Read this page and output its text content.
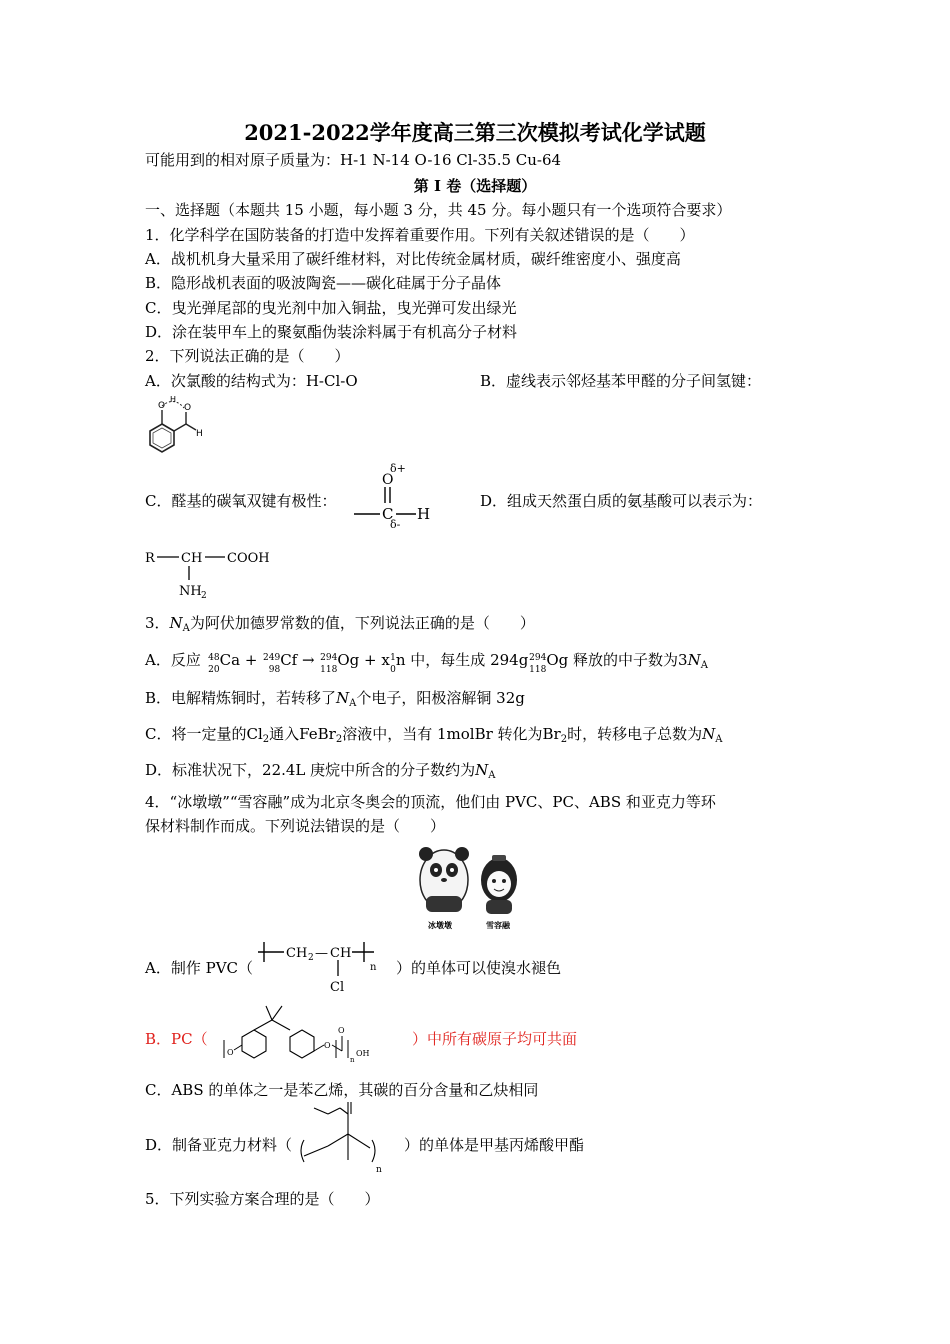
2021-2022学年度高三第三次模拟考试化学试题
可能用到的相对原子质量为：H-1 N-14 O-16 Cl-35.5 Cu-64
第 I 卷（选择题）
一、选择题（本题共 15 小题，每小题 3 分，共 45 分。每小题只有一个选项符合要求）
1．化学科学在国防装备的打造中发挥着重要作用。下列有关叙述错误的是（　　）
A．战机机身大量采用了碳纤维材料，对比传统金属材质，碳纤维密度小、强度高
B．隐形战机表面的吸波陶瓷——碳化硅属于分子晶体
C．曳光弹尾部的曳光剂中加入铜盐，曳光弹可发出绿光
D．涂在装甲车上的聚氨酯伪装涂料属于有机高分子材料
2．下列说法正确的是（　　）
A．次氯酸的结构式为：H-Cl-O	B．虚线表示邻烃基苯甲醛的分子间氢键：
O
H
O
H
C．醛基的碳氧双键有极性：
δ+
O
C H
δ-
D．组成天然蛋白质的氨基酸可以表示为：
R CH COOH
NH 2
3．$N_A$为阿伏加德罗常数的值，下列说法正确的是（　　）
A．反应 48
20
Ca + 249
98
Cf → 294
118
Og + x 1
0
n 中，每生成 294g 294
118
Og 释放的中子数为$3N_A$
B．电解精炼铜时，若转移了$N_A$个电子，阳极溶解铜 32g
C．将一定量的$Cl_2$通入FeBr$_2$溶液中，当有 1molBr 转化为$Br_2$时，转移电子总数为$N_A$
D．标准状况下，22.4L 庚烷中所含的分子数约为$N_A$
4．“冰墩墩”“雪容融”成为北京冬奥会的顶流，他们由 PVC、PC、ABS 和亚克力等环
保材料制作而成。下列说法错误的是（　　）
冰墩墩	雪容融
A．制作 PVC（
CH 2 — CH
n
Cl
）的单体可以使溴水褪色
B．PC（
O
O
O
n
OH
）中所有碳原子均可共面
C．ABS 的单体之一是苯乙烯，其碳的百分含量和乙炔相同
D．制备亚克力材料（
n
）的单体是甲基丙烯酸甲酯
5．下列实验方案合理的是（　　）
